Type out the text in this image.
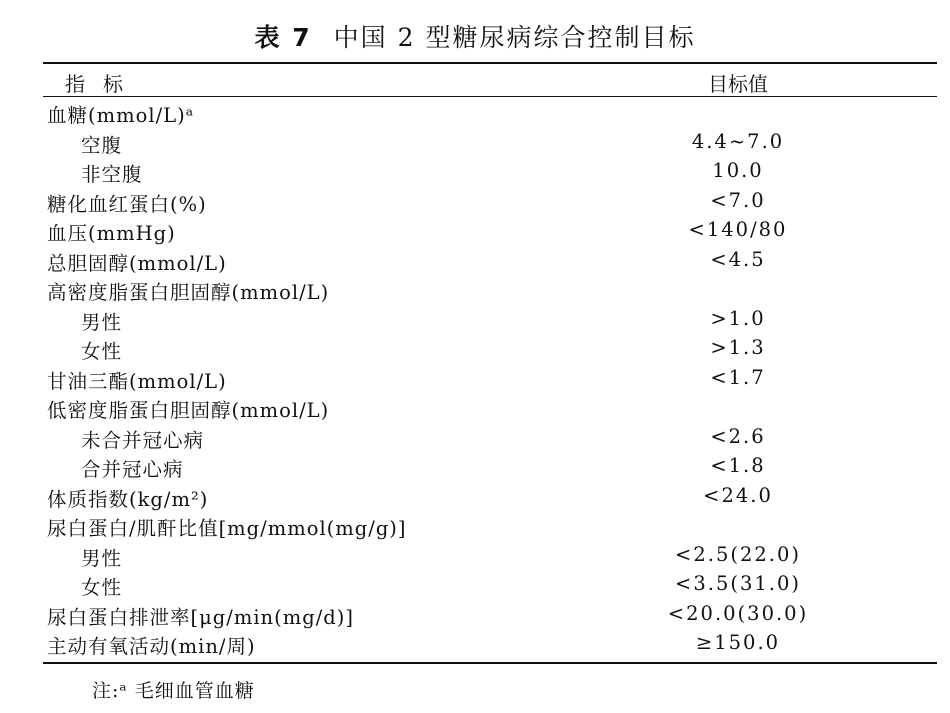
表 7 中国 2 型糖尿病综合控制目标
指标	目标值
血糖(mmol/L)ᵃ
空腹	4.4~7.0
非空腹	10.0
糖化血红蛋白(%)	<7.0
血压(mmHg)	<140/80
总胆固醇(mmol/L)	<4.5
高密度脂蛋白胆固醇(mmol/L)
男性	>1.0
女性	>1.3
甘油三酯(mmol/L)	<1.7
低密度脂蛋白胆固醇(mmol/L)
未合并冠心病	<2.6
合并冠心病	<1.8
体质指数(kg/m²)	<24.0
尿白蛋白/肌酐比值[mg/mmol(mg/g)]
男性	<2.5(22.0)
女性	<3.5(31.0)
尿白蛋白排泄率[μg/min(mg/d)]	<20.0(30.0)
主动有氧活动(min/周)	≥150.0
注:ᵃ 毛细血管血糖
